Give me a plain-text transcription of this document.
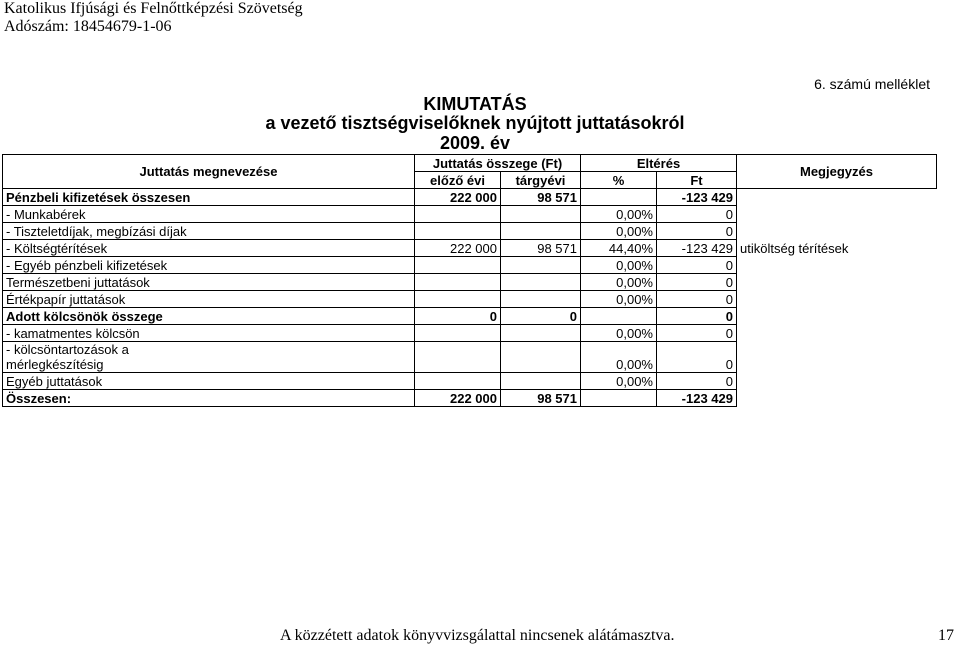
Katolikus Ifjúsági és Felnőttképzési Szövetség
Adószám: 18454679-1-06
6. számú melléklet
KIMUTATÁS
a vezető tisztségviselőknek nyújtott juttatásokról
2009. év
Juttatás megnevezése	Juttatás összege (Ft)		Eltérés		Megjegyzés
	előző évi	tárgyévi	%	Ft	
Pénzbeli kifizetések összesen	222 000	98 571		-123 429	
- Munkabérek			0,00%	0	
- Tiszteletdíjak, megbízási díjak			0,00%	0	
- Költségtérítések	222 000	98 571	44,40%	-123 429	utiköltség térítések
- Egyéb pénzbeli kifizetések			0,00%	0	
Természetbeni juttatások			0,00%	0	
Értékpapír juttatások			0,00%	0	
Adott kölcsönök összege	0	0		0	
- kamatmentes kölcsön			0,00%	0	
- kölcsöntartozások a mérlegkészítésig			0,00%	0	
Egyéb juttatások			0,00%	0	
Összesen:	222 000	98 571		-123 429	
A közzétett adatok könyvvizsgálattal nincsenek alátámasztva.	17
